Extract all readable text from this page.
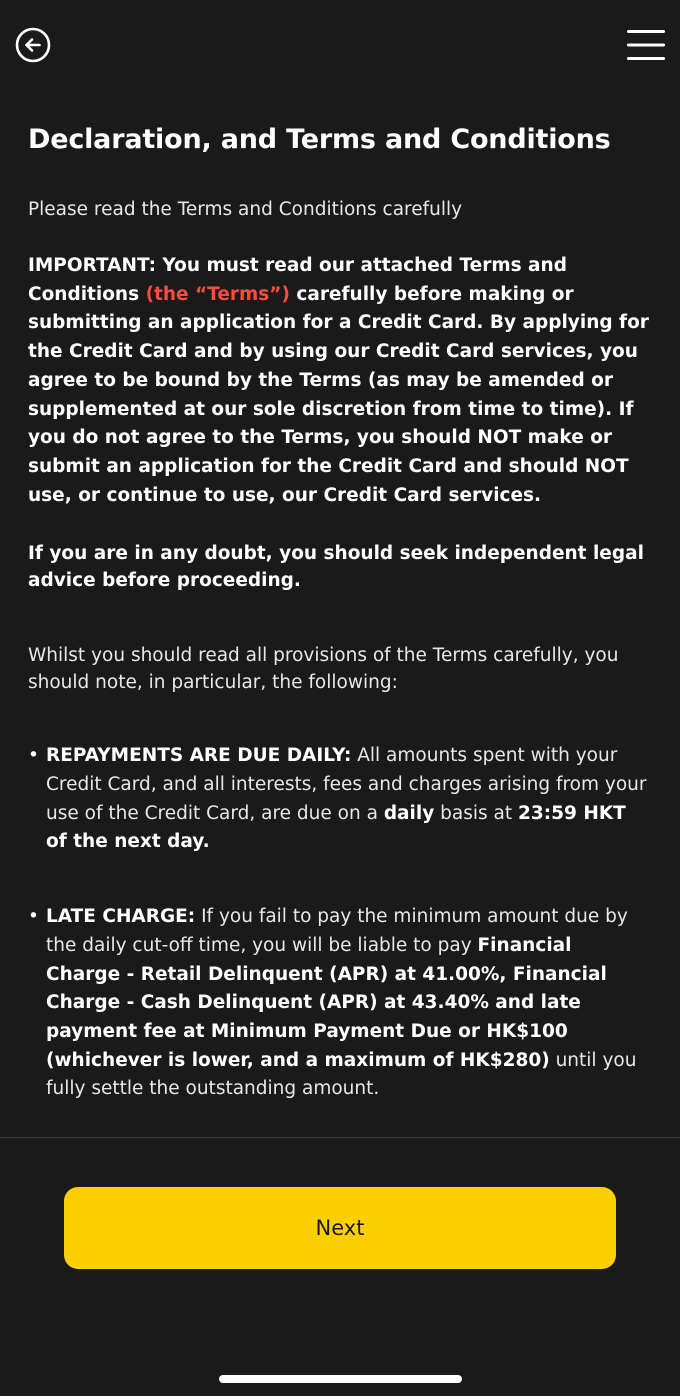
Declaration, and Terms and Conditions

Please read the Terms and Conditions carefully

IMPORTANT: You must read our attached Terms and Conditions (the “Terms”) carefully before making or submitting an application for a Credit Card. By applying for the Credit Card and by using our Credit Card services, you agree to be bound by the Terms (as may be amended or supplemented at our sole discretion from time to time). If you do not agree to the Terms, you should NOT make or submit an application for the Credit Card and should NOT use, or continue to use, our Credit Card services.

If you are in any doubt, you should seek independent legal advice before proceeding.

Whilst you should read all provisions of the Terms carefully, you should note, in particular, the following:

• REPAYMENTS ARE DUE DAILY: All amounts spent with your Credit Card, and all interests, fees and charges arising from your use of the Credit Card, are due on a daily basis at 23:59 HKT of the next day.
• LATE CHARGE: If you fail to pay the minimum amount due by the daily cut-off time, you will be liable to pay Financial Charge - Retail Delinquent (APR) at 41.00%, Financial Charge - Cash Delinquent (APR) at 43.40% and late payment fee at Minimum Payment Due or HK$100 (whichever is lower, and a maximum of HK$280) until you fully settle the outstanding amount.
Next
